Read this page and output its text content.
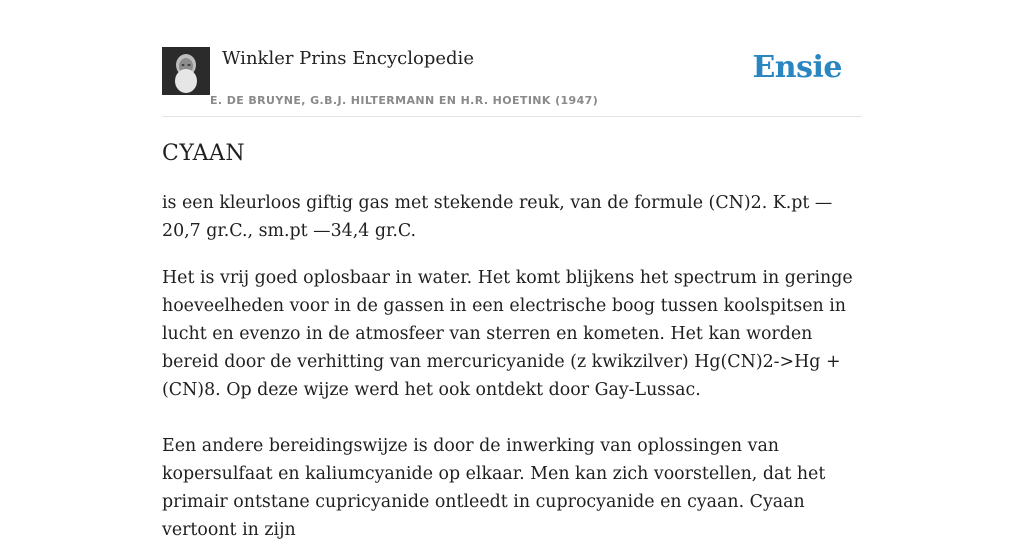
Winkler Prins Encyclopedie
E. DE BRUYNE, G.B.J. HILTERMANN EN H.R. HOETINK (1947)
Ensie
CYAAN

is een kleurloos giftig gas met stekende reuk, van de formule (CN)2. K.pt —20,7 gr.C., sm.pt —34,4 gr.C.

Het is vrij goed oplosbaar in water. Het komt blijkens het spectrum in geringe hoeveelheden voor in de gassen in een electrische boog tussen koolspitsen in lucht en evenzo in de atmosfeer van sterren en kometen. Het kan worden bereid door de verhitting van mercuricyanide (z kwikzilver) Hg(CN)2->Hg + (CN)8. Op deze wijze werd het ook ontdekt door Gay-Lussac.

Een andere bereidingswijze is door de inwerking van oplossingen van kopersulfaat en kaliumcyanide op elkaar. Men kan zich voorstellen, dat het primair ontstane cupricyanide ontleedt in cuprocyanide en cyaan. Cyaan vertoont in zijn
